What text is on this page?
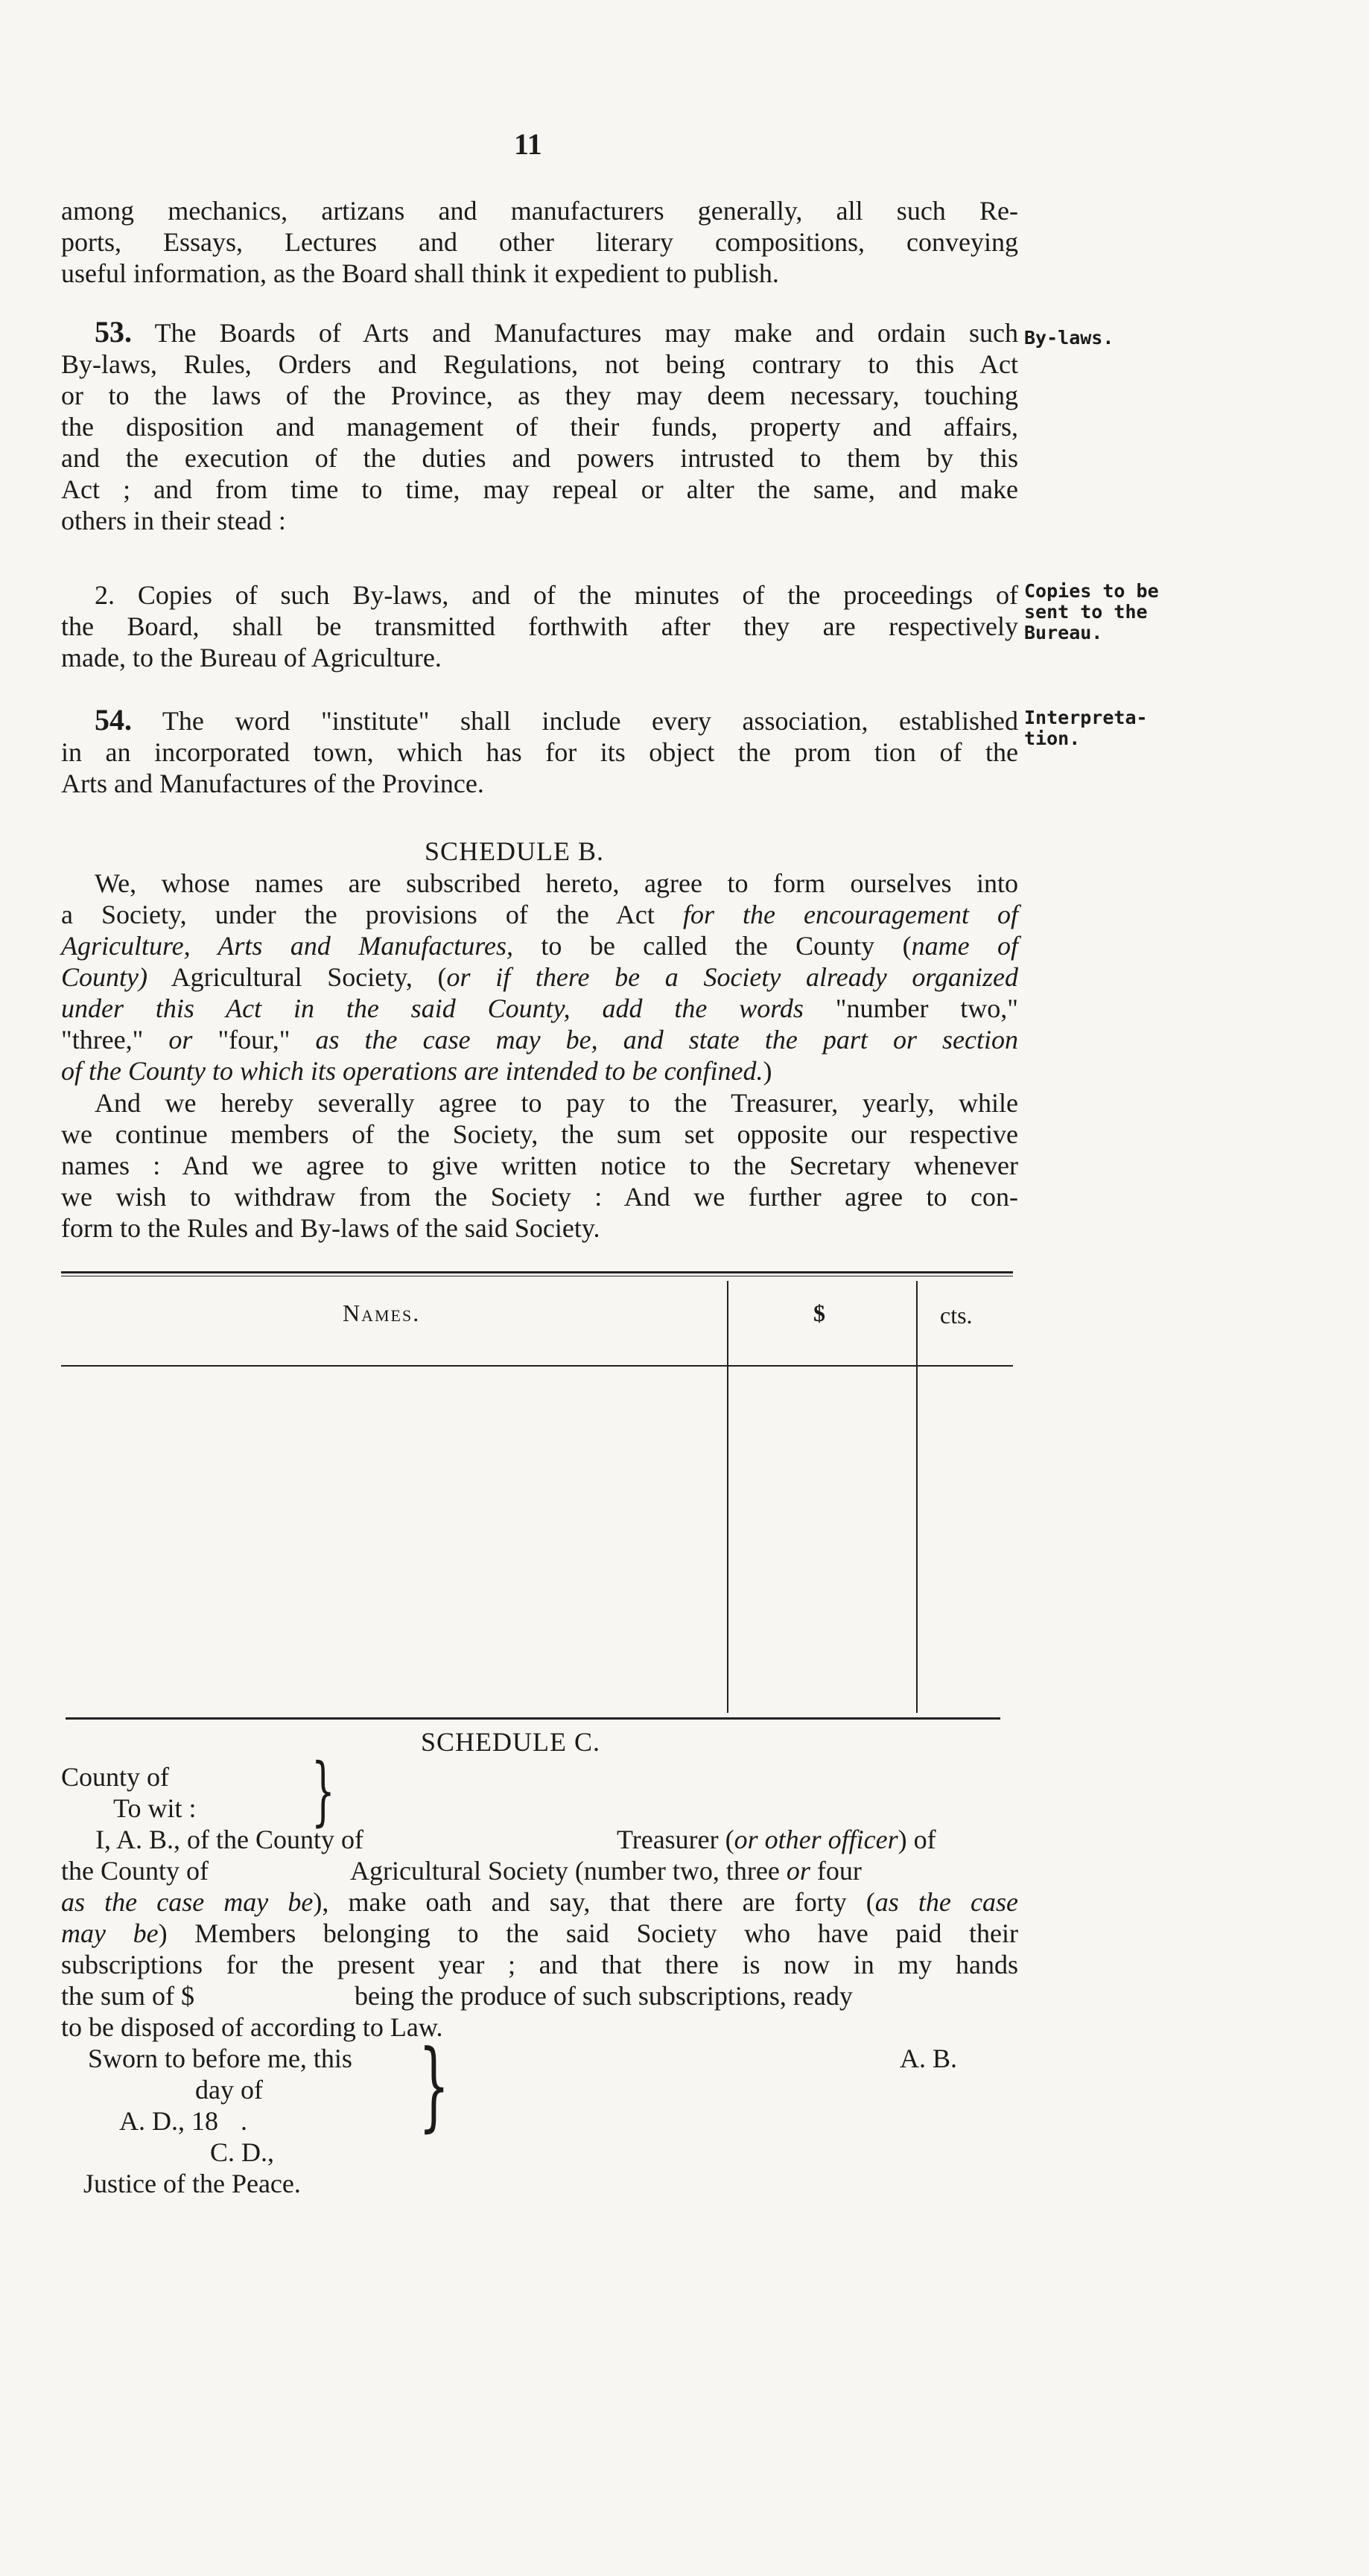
11
among mechanics, artizans and manufacturers generally, all such Re-
ports, Essays, Lectures and other literary compositions, conveying
useful information, as the Board shall think it expedient to publish.
53. The Boards of Arts and Manufactures may make and ordain such
By-laws, Rules, Orders and Regulations, not being contrary to this Act
or to the laws of the Province, as they may deem necessary, touching
the disposition and management of their funds, property and affairs,
and the execution of the duties and powers intrusted to them by this
Act ; and from time to time, may repeal or alter the same, and make
others in their stead :
By-laws.
2. Copies of such By-laws, and of the minutes of the proceedings of
the Board, shall be transmitted forthwith after they are respectively
made, to the Bureau of Agriculture.
Copies to be
sent to the
Bureau.
54. The word "institute" shall include every association, established
in an incorporated town, which has for its object the prom tion of the
Arts and Manufactures of the Province.
Interpreta-
tion.
SCHEDULE B.
We, whose names are subscribed hereto, agree to form ourselves into
a Society, under the provisions of the Act for the encouragement of
Agriculture, Arts and Manufactures, to be called the County (name of
County) Agricultural Society, (or if there be a Society already organized
under this Act in the said County, add the words "number two,"
"three," or "four," as the case may be, and state the part or section
of the County to which its operations are intended to be confined.)
And we hereby severally agree to pay to the Treasurer, yearly, while
we continue members of the Society, the sum set opposite our respective
names : And we agree to give written notice to the Secretary whenever
we wish to withdraw from the Society : And we further agree to con-
form to the Rules and By-laws of the said Society.
Names.	$	cts.
SCHEDULE C.
County of
To wit : }
I, A. B., of the County of	Treasurer (or other officer) of
the County of	Agricultural Society (number two, three or four
as the case may be), make oath and say, that there are forty (as the case
may be) Members belonging to the said Society who have paid their
subscriptions for the present year ; and that there is now in my hands
the sum of $	being the produce of such subscriptions, ready
to be disposed of according to Law.
A. B.
Sworn to before me, this
day of
A. D., 18 . }
C. D.,
Justice of the Peace.
